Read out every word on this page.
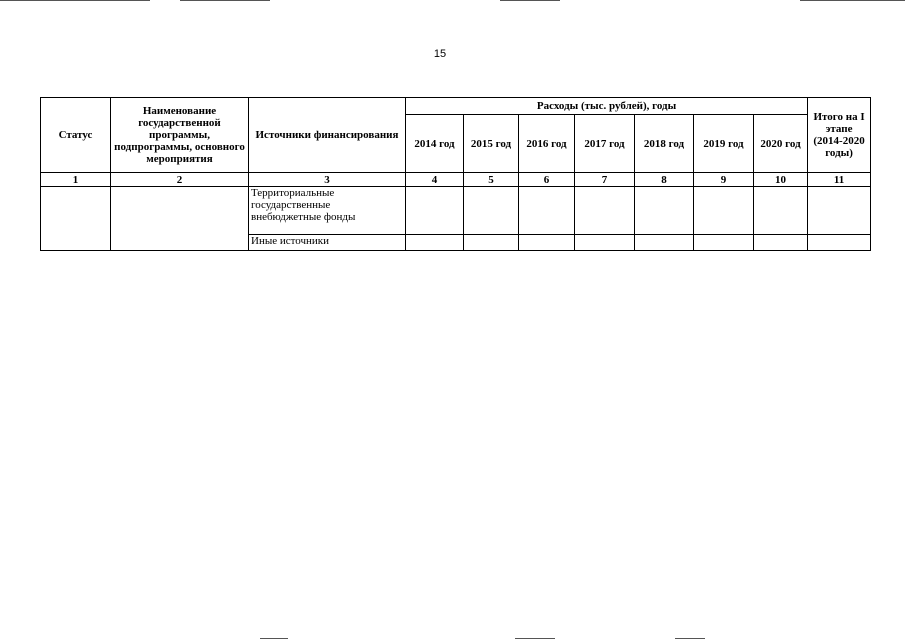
15
Статус	Наименование государственной программы, подпрограммы, основного мероприятия	Источники финансирования	Расходы (тыс. рублей), годы							Итого на I этапе (2014-2020 годы)
			2014 год	2015 год	2016 год	2017 год	2018 год	2019 год	2020 год	
1	2	3	4	5	6	7	8	9	10	11
		Территориальные государственные внебюджетные фонды								
		Иные источники								
